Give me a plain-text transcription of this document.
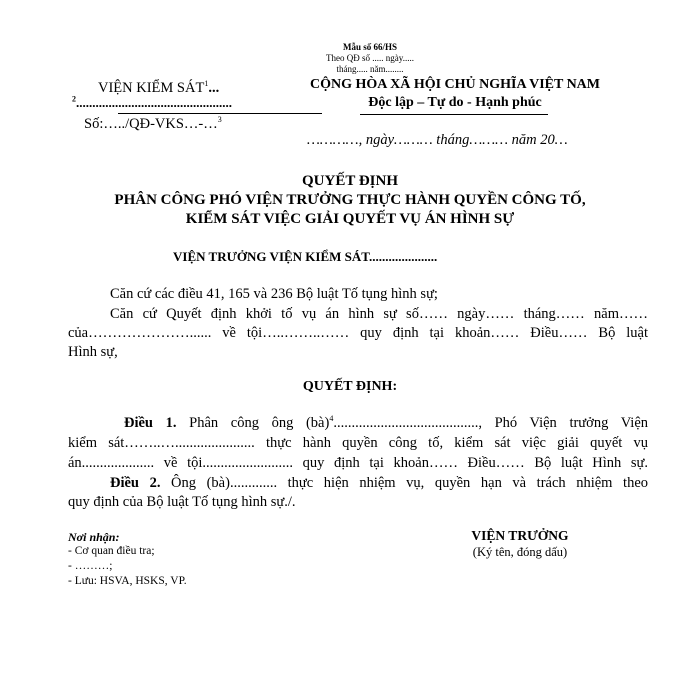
Mẫu số 66/HS
Theo QĐ số ..... ngày.....
tháng..... năm........
VIỆN KIỂM SÁT$^1$...
$^2$................................................
Số:…../QĐ-VKS…-…$^3$
CỘNG HÒA XÃ HỘI CHỦ NGHĨA VIỆT NAM
Độc lập – Tự do - Hạnh phúc
…………, ngày……… tháng……… năm 20…
QUYẾT ĐỊNH
PHÂN CÔNG PHÓ VIỆN TRƯỞNG THỰC HÀNH QUYỀN CÔNG TỐ,
KIỂM SÁT VIỆC GIẢI QUYẾT VỤ ÁN HÌNH SỰ
VIỆN TRƯỞNG VIỆN KIỂM SÁT.....................
Căn cứ các điều 41, 165 và 236 Bộ luật Tố tụng hình sự;
Căn cứ Quyết định khởi tố vụ án hình sự số…… ngày…… tháng…… năm……
của…………………...... về tội…..……..…… quy định tại khoản…… Điều…… Bộ luật
Hình sự,
QUYẾT ĐỊNH:
Điều 1. Phân công ông (bà)$^4$........................................, Phó Viện trưởng Viện
kiểm sát……..…...................... thực hành quyền công tố, kiểm sát việc giải quyết vụ
án.................... về tội......................... quy định tại khoản…… Điều…… Bộ luật Hình sự.
Điều 2. Ông (bà)............. thực hiện nhiệm vụ, quyền hạn và trách nhiệm theo
quy định của Bộ luật Tố tụng hình sự./.
Nơi nhận:
- Cơ quan điều tra;
- ………;
- Lưu: HSVA, HSKS, VP.
VIỆN TRƯỞNG
(Ký tên, đóng dấu)
